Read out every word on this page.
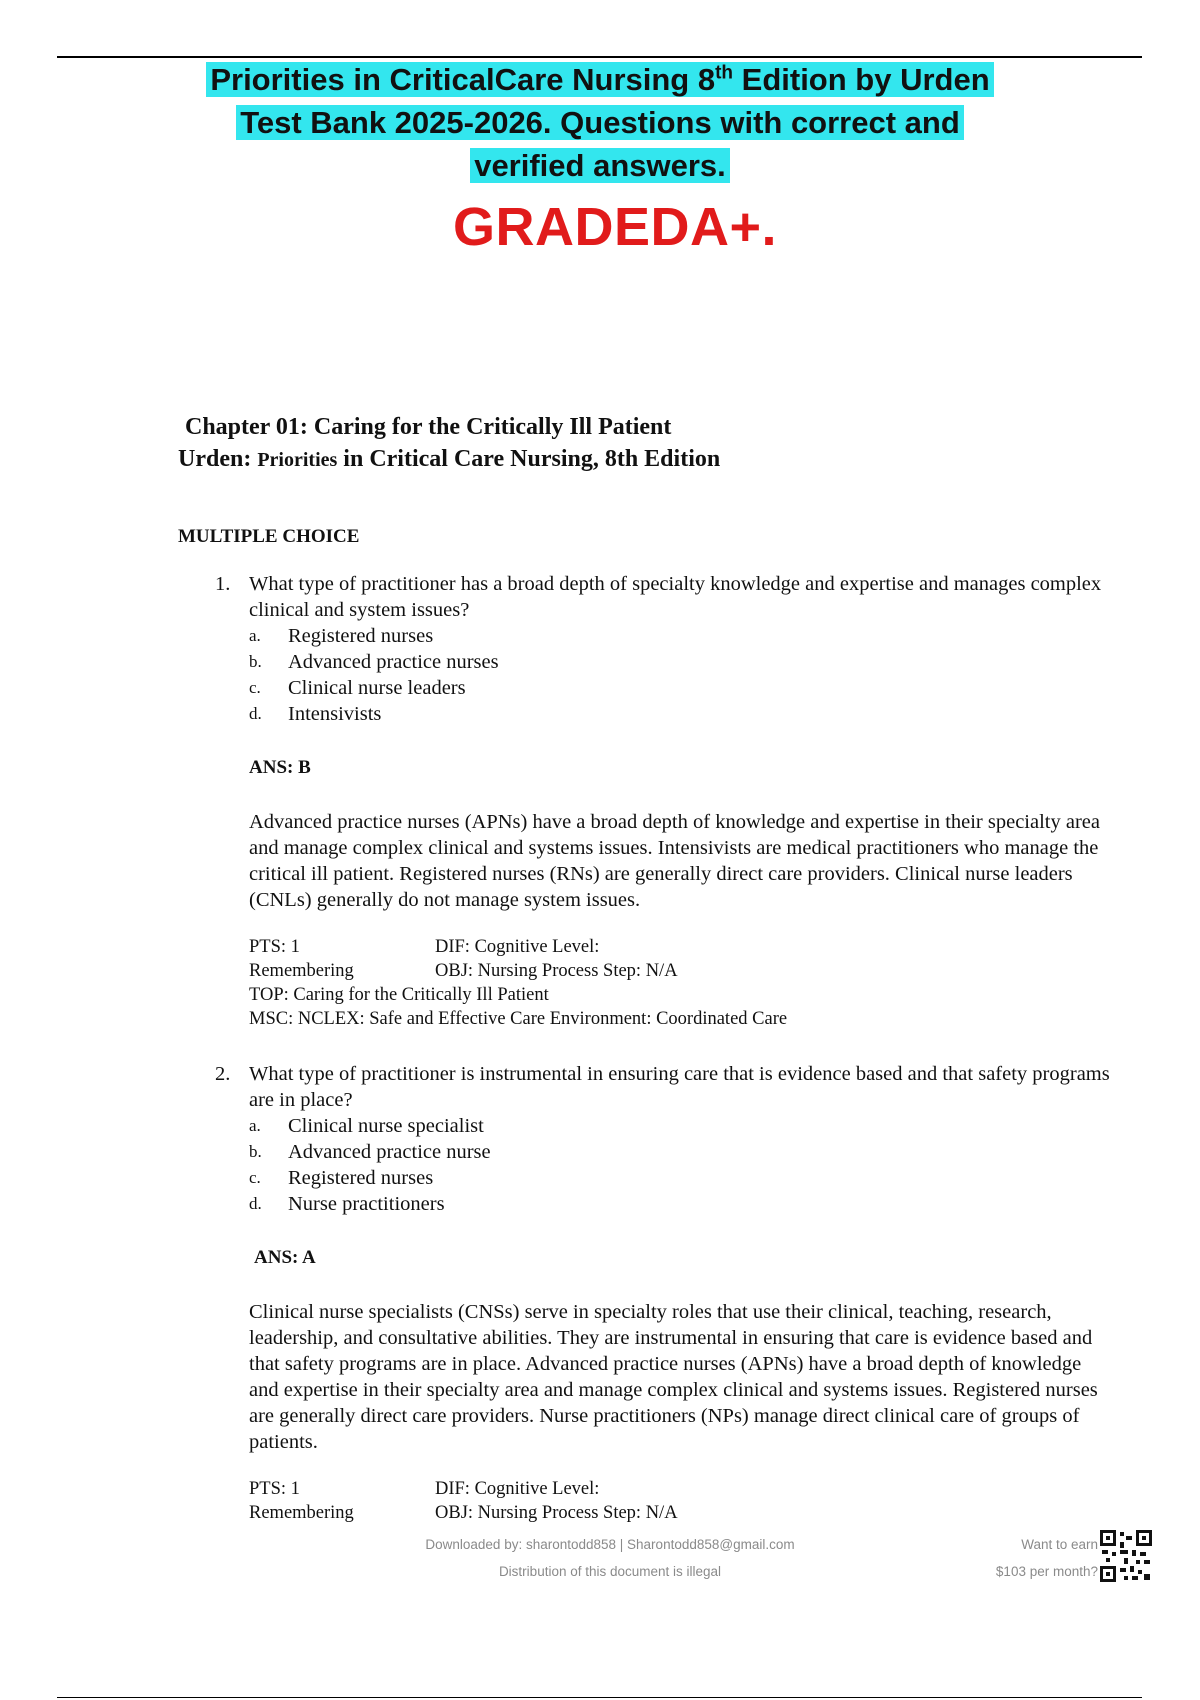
Priorities in CriticalCare Nursing 8th Edition by Urden
Test Bank 2025-2026. Questions with correct and
verified answers.
GRADEDA+.
Chapter 01: Caring for the Critically Ill Patient
Urden: Priorities in Critical Care Nursing, 8th Edition
MULTIPLE CHOICE
1. What type of practitioner has a broad depth of specialty knowledge and expertise and manages complex clinical and system issues?
a.	Registered nurses
b.	Advanced practice nurses
c.	Clinical nurse leaders
d.	Intensivists
ANS: B
Advanced practice nurses (APNs) have a broad depth of knowledge and expertise in their specialty area and manage complex clinical and systems issues. Intensivists are medical practitioners who manage the critical ill patient. Registered nurses (RNs) are generally direct care providers. Clinical nurse leaders (CNLs) generally do not manage system issues.
PTS: 1	DIF: Cognitive Level:
Remembering	OBJ: Nursing Process Step: N/A
TOP: Caring for the Critically Ill Patient
MSC: NCLEX: Safe and Effective Care Environment: Coordinated Care
2. What type of practitioner is instrumental in ensuring care that is evidence based and that safety programs are in place?
a.	Clinical nurse specialist
b.	Advanced practice nurse
c.	Registered nurses
d.	Nurse practitioners
ANS: A
Clinical nurse specialists (CNSs) serve in specialty roles that use their clinical, teaching, research, leadership, and consultative abilities. They are instrumental in ensuring that care is evidence based and that safety programs are in place. Advanced practice nurses (APNs) have a broad depth of knowledge and expertise in their specialty area and manage complex clinical and systems issues. Registered nurses are generally direct care providers. Nurse practitioners (NPs) manage direct clinical care of groups of patients.
PTS: 1	DIF: Cognitive Level:
Remembering	OBJ: Nursing Process Step: N/A
Downloaded by: sharontodd858 | Sharontodd858@gmail.com
Distribution of this document is illegal
Want to earn
$103 per month?
